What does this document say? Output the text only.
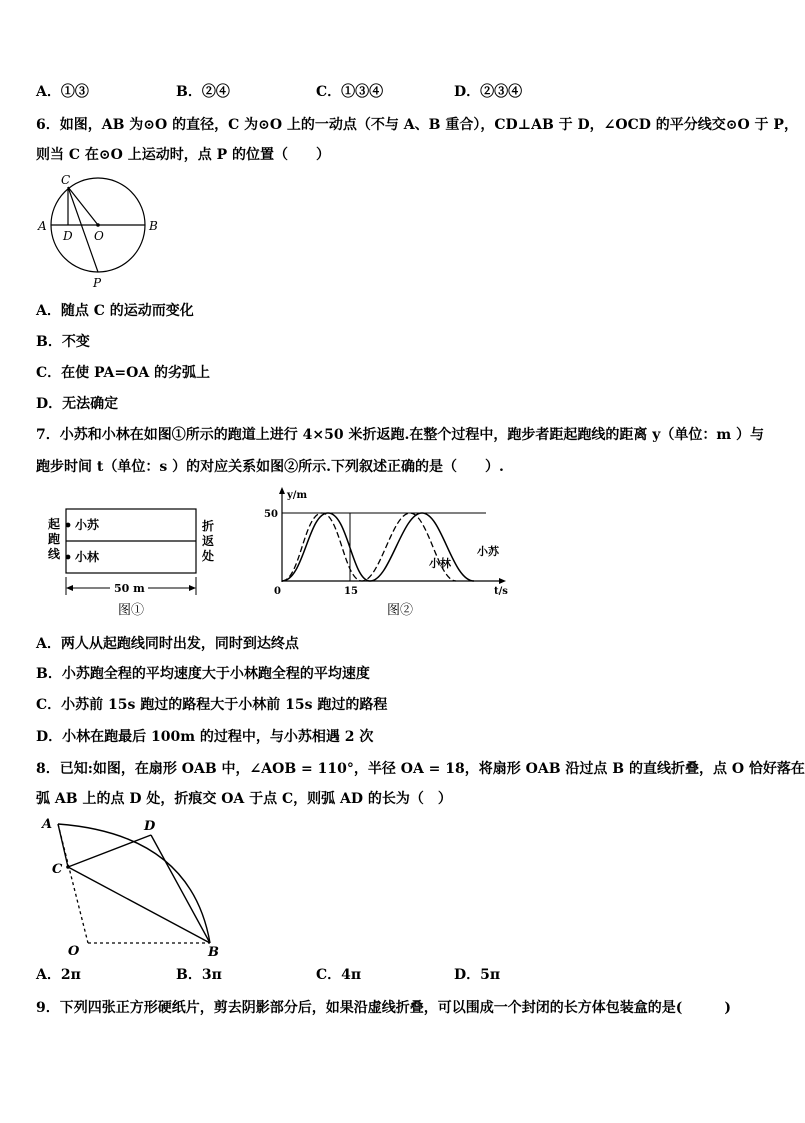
A．①③	B．②④	C．①③④	D．②③④
6．如图，AB 为⊙O 的直径，C 为⊙O 上的一动点（不与 A、B 重合），CD⊥AB 于 D，∠OCD 的平分线交⊙O 于 P，
则当 C 在⊙O 上运动时，点 P 的位置（　　）
C
A
D O
B
P
A．随点 C 的运动而变化
B．不变
C．在使 PA=OA 的劣弧上
D．无法确定
7．小苏和小林在如图①所示的跑道上进行 4×50 米折返跑.在整个过程中，跑步者距起跑线的距离 y（单位：m ）与
跑步时间 t（单位：s ）的对应关系如图②所示.下列叙述正确的是（　　）.
起
跑
线
折
返
处
小苏
小林
50 m
图①
y/m
50
0	15	t/s
小林
小苏
图②
A．两人从起跑线同时出发，同时到达终点
B．小苏跑全程的平均速度大于小林跑全程的平均速度
C．小苏前 15s 跑过的路程大于小林前 15s 跑过的路程
D．小林在跑最后 100m 的过程中，与小苏相遇 2 次
8．已知:如图，在扇形 OAB 中，∠AOB = 110°，半径 OA = 18，将扇形 OAB 沿过点 B 的直线折叠，点 O 恰好落在
弧 AB 上的点 D 处，折痕交 OA 于点 C，则弧 AD 的长为（　）
A	D
C
O	B
A．2π	B．3π	C．4π	D．5π
9．下列四张正方形硬纸片，剪去阴影部分后，如果沿虚线折叠，可以围成一个封闭的长方体包装盒的是(　　　)
